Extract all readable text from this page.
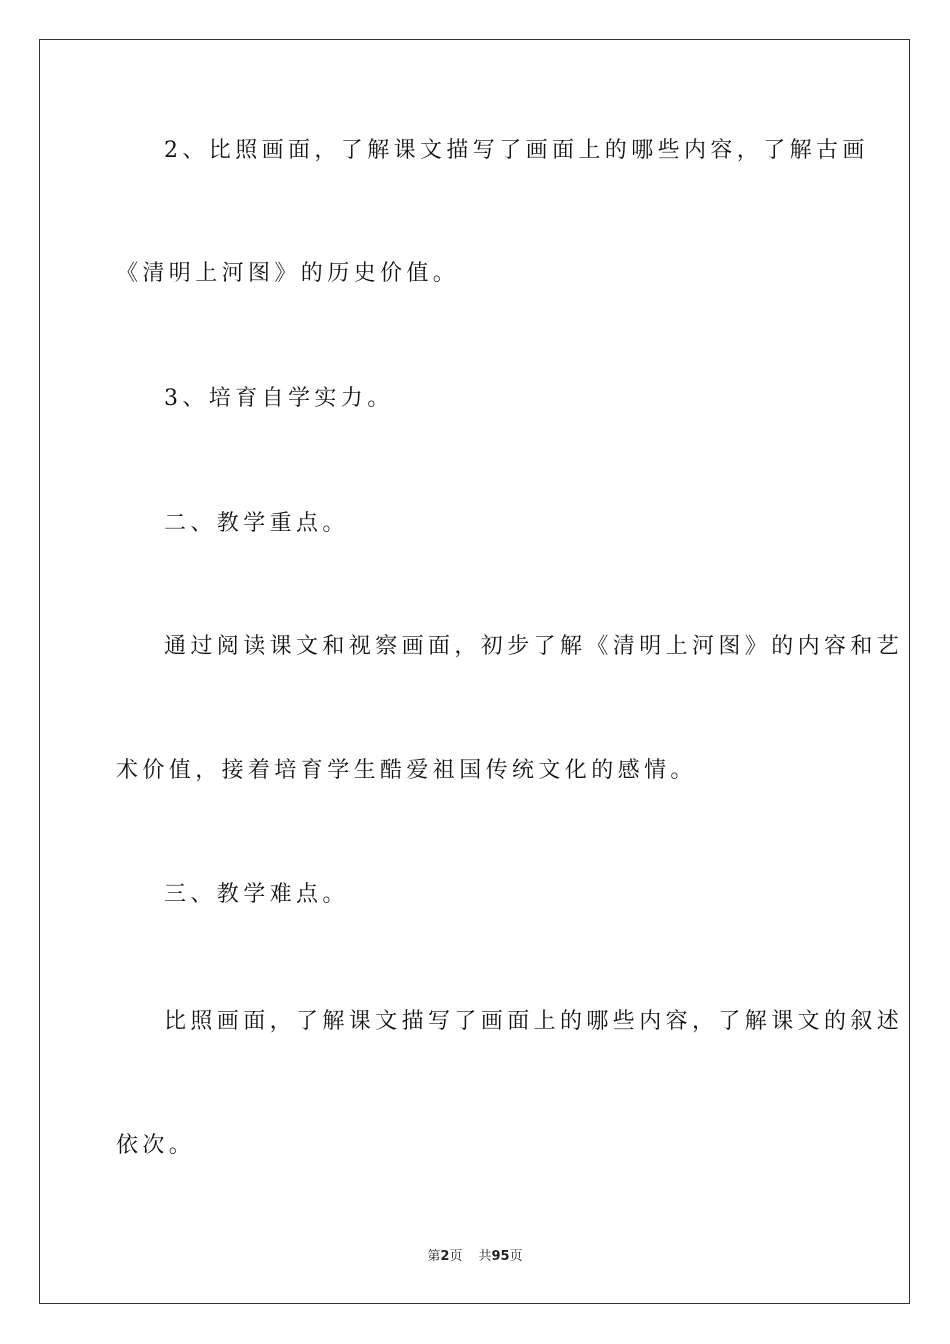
2、比照画面，了解课文描写了画面上的哪些内容，了解古画
《清明上河图》的历史价值。
3、培育自学实力。
二、教学重点。
通过阅读课文和视察画面，初步了解《清明上河图》的内容和艺
术价值，接着培育学生酷爱祖国传统文化的感情。
三、教学难点。
比照画面，了解课文描写了画面上的哪些内容，了解课文的叙述
依次。
第2页 共95页
